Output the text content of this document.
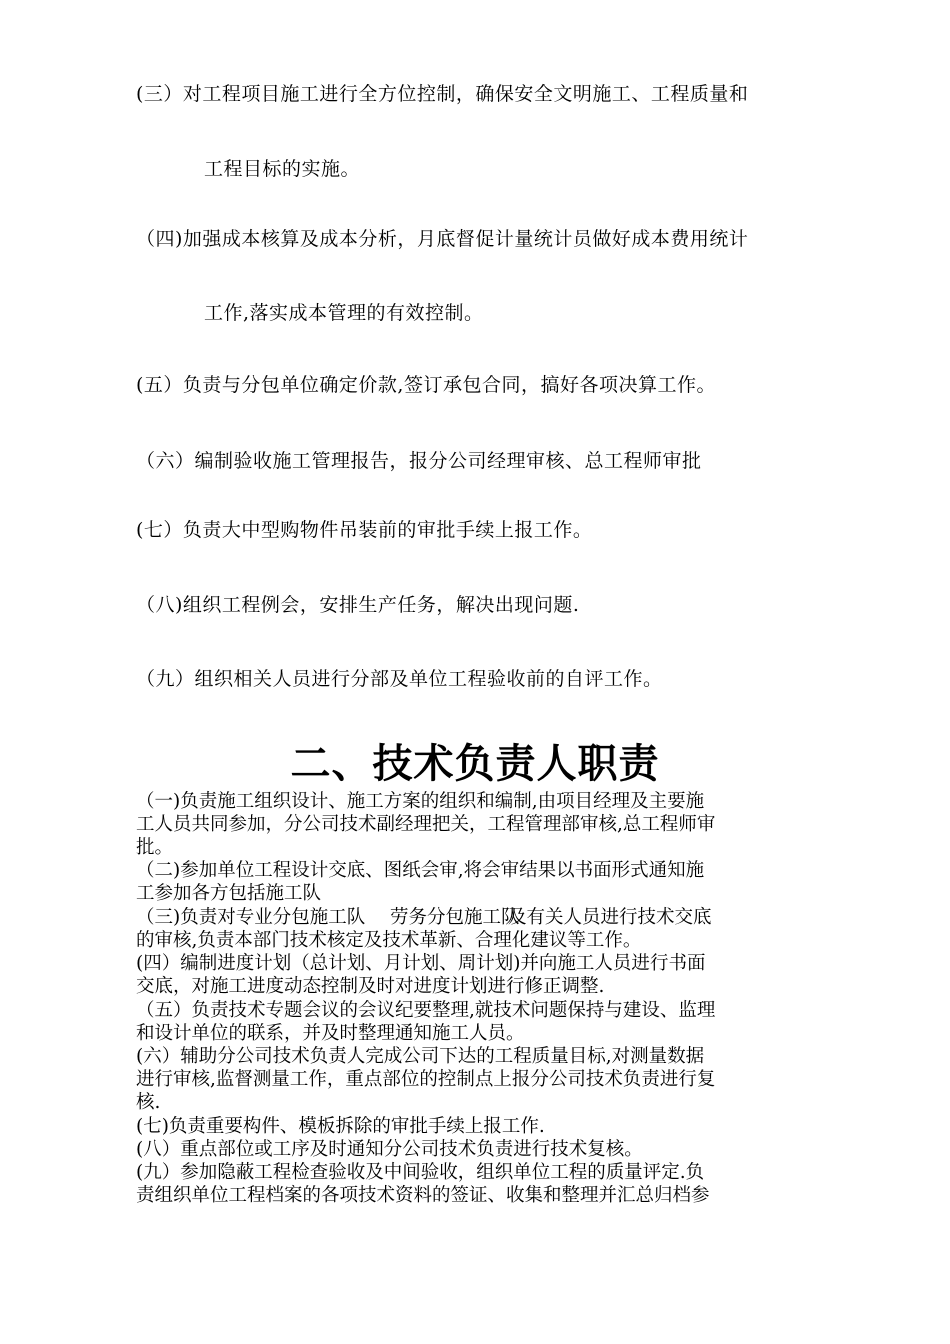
(三）对工程项目施工进行全方位控制，确保安全文明施工、工程质量和
工程目标的实施。
（四)加强成本核算及成本分析，月底督促计量统计员做好成本费用统计
工作,落实成本管理的有效控制。
(五）负责与分包单位确定价款,签订承包合同，搞好各项决算工作。
（六）编制验收施工管理报告，报分公司经理审核、总工程师审批
(七）负责大中型购物件吊装前的审批手续上报工作。
（八)组织工程例会，安排生产任务，解决出现问题.
（九）组织相关人员进行分部及单位工程验收前的自评工作。
二、技术负责人职责
（一)负责施工组织设计、施工方案的组织和编制,由项目经理及主要施
工人员共同参加，分公司技术副经理把关，工程管理部审核,总工程师审
批。
（二)参加单位工程设计交底、图纸会审,将会审结果以书面形式通知施
工参加各方包括施工队
（三)负责对专业分包施工队 劳务分包施工队
及有关人员进行技术交底
的审核,负责本部门技术核定及技术革新、合理化建议等工作。
(四）编制进度计划（总计划、月计划、周计划)并向施工人员进行书面
交底，对施工进度动态控制及时对进度计划进行修正调整.
（五）负责技术专题会议的会议纪要整理,就技术问题保持与建设、监理
和设计单位的联系，并及时整理通知施工人员。
(六）辅助分公司技术负责人完成公司下达的工程质量目标,对测量数据
进行审核,监督测量工作，重点部位的控制点上报分公司技术负责进行复
核.
(七)负责重要构件、模板拆除的审批手续上报工作.
(八）重点部位或工序及时通知分公司技术负责进行技术复核。
(九）参加隐蔽工程检查验收及中间验收，组织单位工程的质量评定.负
责组织单位工程档案的各项技术资料的签证、收集和整理并汇总归档参
